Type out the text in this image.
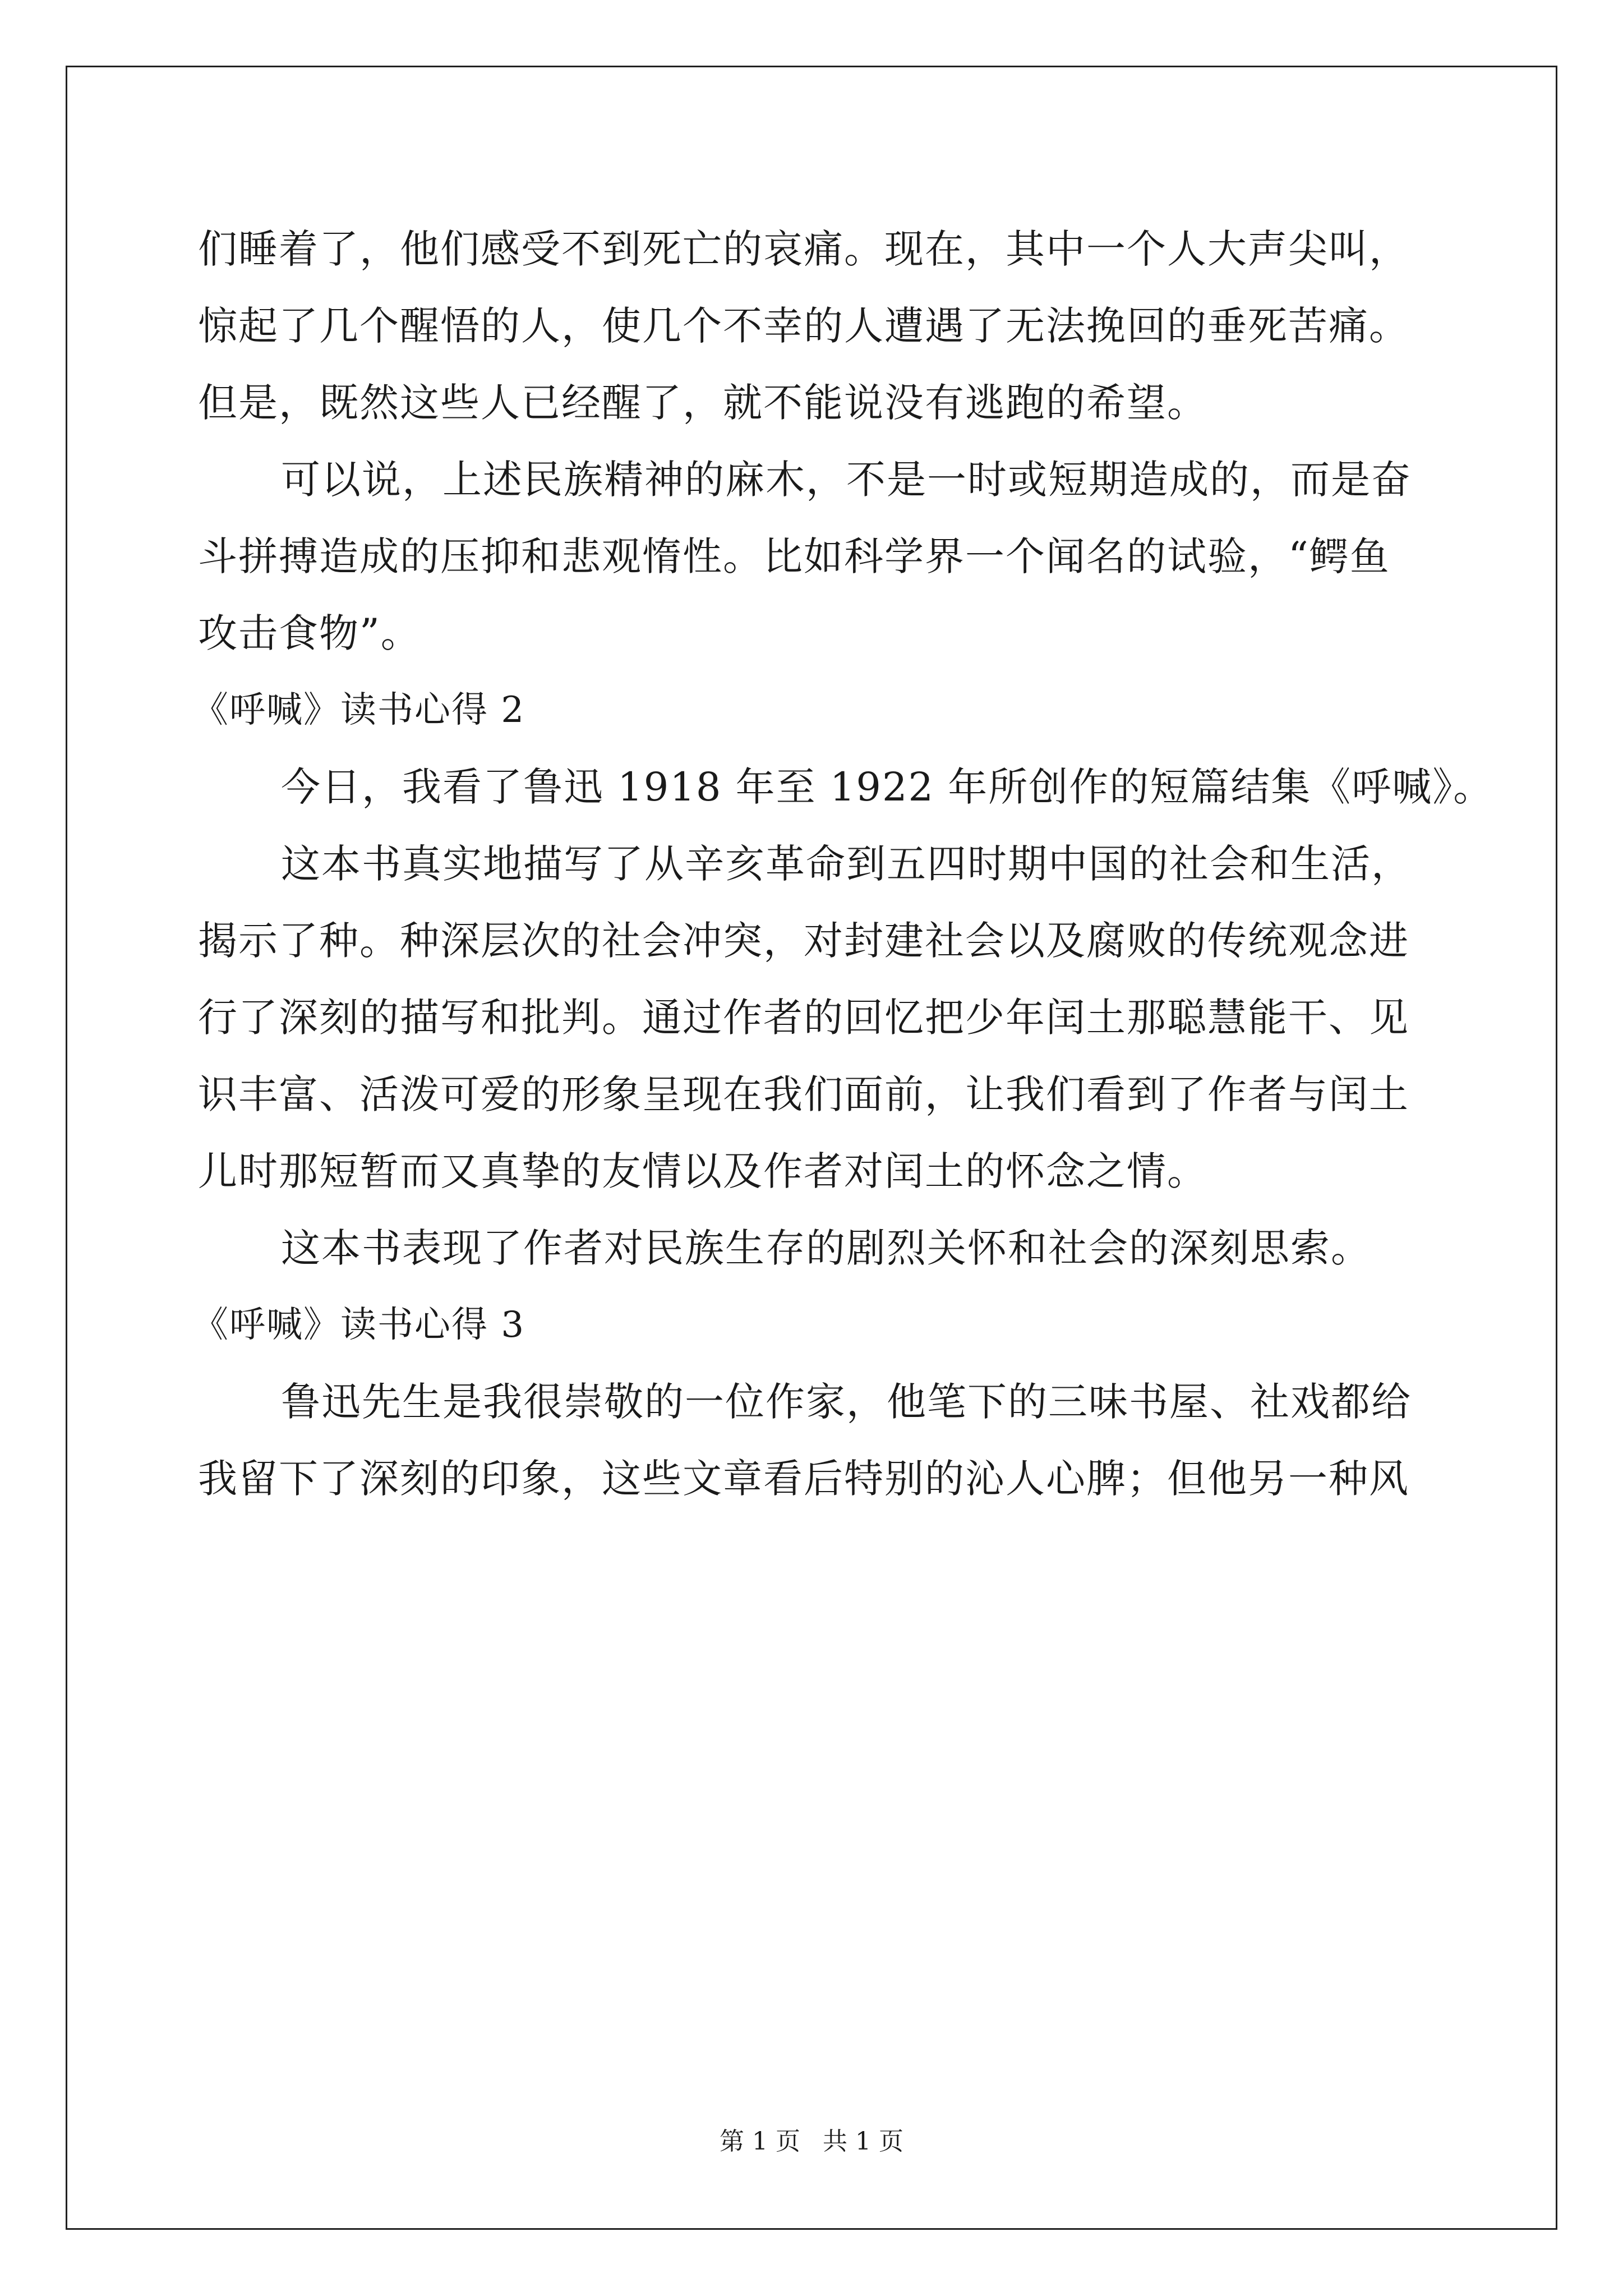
们睡着了，他们感受不到死亡的哀痛。现在，其中一个人大声尖叫，
惊起了几个醒悟的人，使几个不幸的人遭遇了无法挽回的垂死苦痛。
但是，既然这些人已经醒了，就不能说没有逃跑的希望。
可以说，上述民族精神的麻木，不是一时或短期造成的，而是奋
斗拼搏造成的压抑和悲观惰性。比如科学界一个闻名的试验，“鳄鱼
攻击食物”。
《呼喊》读书心得 2
今日，我看了鲁迅 1918 年至 1922 年所创作的短篇结集《呼喊》。
这本书真实地描写了从辛亥革命到五四时期中国的社会和生活，
揭示了种。种深层次的社会冲突，对封建社会以及腐败的传统观念进
行了深刻的描写和批判。通过作者的回忆把少年闰土那聪慧能干、见
识丰富、活泼可爱的形象呈现在我们面前，让我们看到了作者与闰土
儿时那短暂而又真挚的友情以及作者对闰土的怀念之情。
这本书表现了作者对民族生存的剧烈关怀和社会的深刻思索。
《呼喊》读书心得 3
鲁迅先生是我很崇敬的一位作家，他笔下的三味书屋、社戏都给
我留下了深刻的印象，这些文章看后特别的沁人心脾；但他另一种风
第 1 页 共 1 页
